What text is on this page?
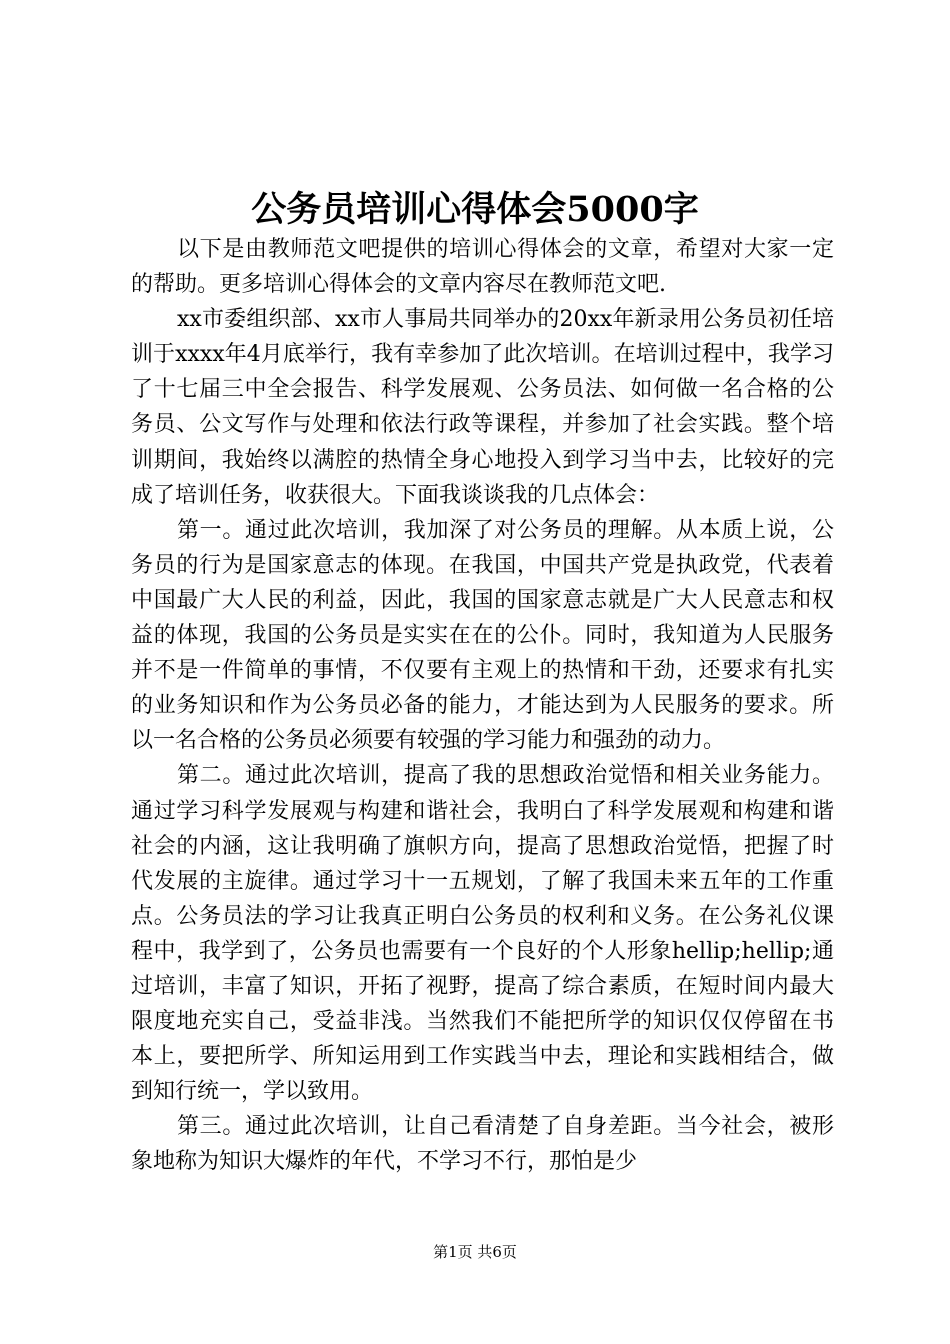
公务员培训心得体会5000字

以下是由教师范文吧提供的培训心得体会的文章，希望对大家一定的帮助。更多培训心得体会的文章内容尽在教师范文吧.

xx市委组织部、xx市人事局共同举办的20xx年新录用公务员初任培训于xxxx年4月底举行，我有幸参加了此次培训。在培训过程中，我学习了十七届三中全会报告、科学发展观、公务员法、如何做一名合格的公务员、公文写作与处理和依法行政等课程，并参加了社会实践。整个培训期间，我始终以满腔的热情全身心地投入到学习当中去，比较好的完成了培训任务，收获很大。下面我谈谈我的几点体会：

第一。通过此次培训，我加深了对公务员的理解。从本质上说，公务员的行为是国家意志的体现。在我国，中国共产党是执政党，代表着中国最广大人民的利益，因此，我国的国家意志就是广大人民意志和权益的体现，我国的公务员是实实在在的公仆。同时，我知道为人民服务并不是一件简单的事情，不仅要有主观上的热情和干劲，还要求有扎实的业务知识和作为公务员必备的能力，才能达到为人民服务的要求。所以一名合格的公务员必须要有较强的学习能力和强劲的动力。

第二。通过此次培训，提高了我的思想政治觉悟和相关业务能力。通过学习科学发展观与构建和谐社会，我明白了科学发展观和构建和谐社会的内涵，这让我明确了旗帜方向，提高了思想政治觉悟，把握了时代发展的主旋律。通过学习十一五规划，了解了我国未来五年的工作重点。公务员法的学习让我真正明白公务员的权利和义务。在公务礼仪课程中，我学到了，公务员也需要有一个良好的个人形象hellip;hellip;通过培训，丰富了知识，开拓了视野，提高了综合素质，在短时间内最大限度地充实自己，受益非浅。当然我们不能把所学的知识仅仅停留在书本上，要把所学、所知运用到工作实践当中去，理论和实践相结合，做到知行统一，学以致用。

第三。通过此次培训，让自己看清楚了自身差距。当今社会，被形象地称为知识大爆炸的年代，不学习不行，那怕是少

第1页 共6页
